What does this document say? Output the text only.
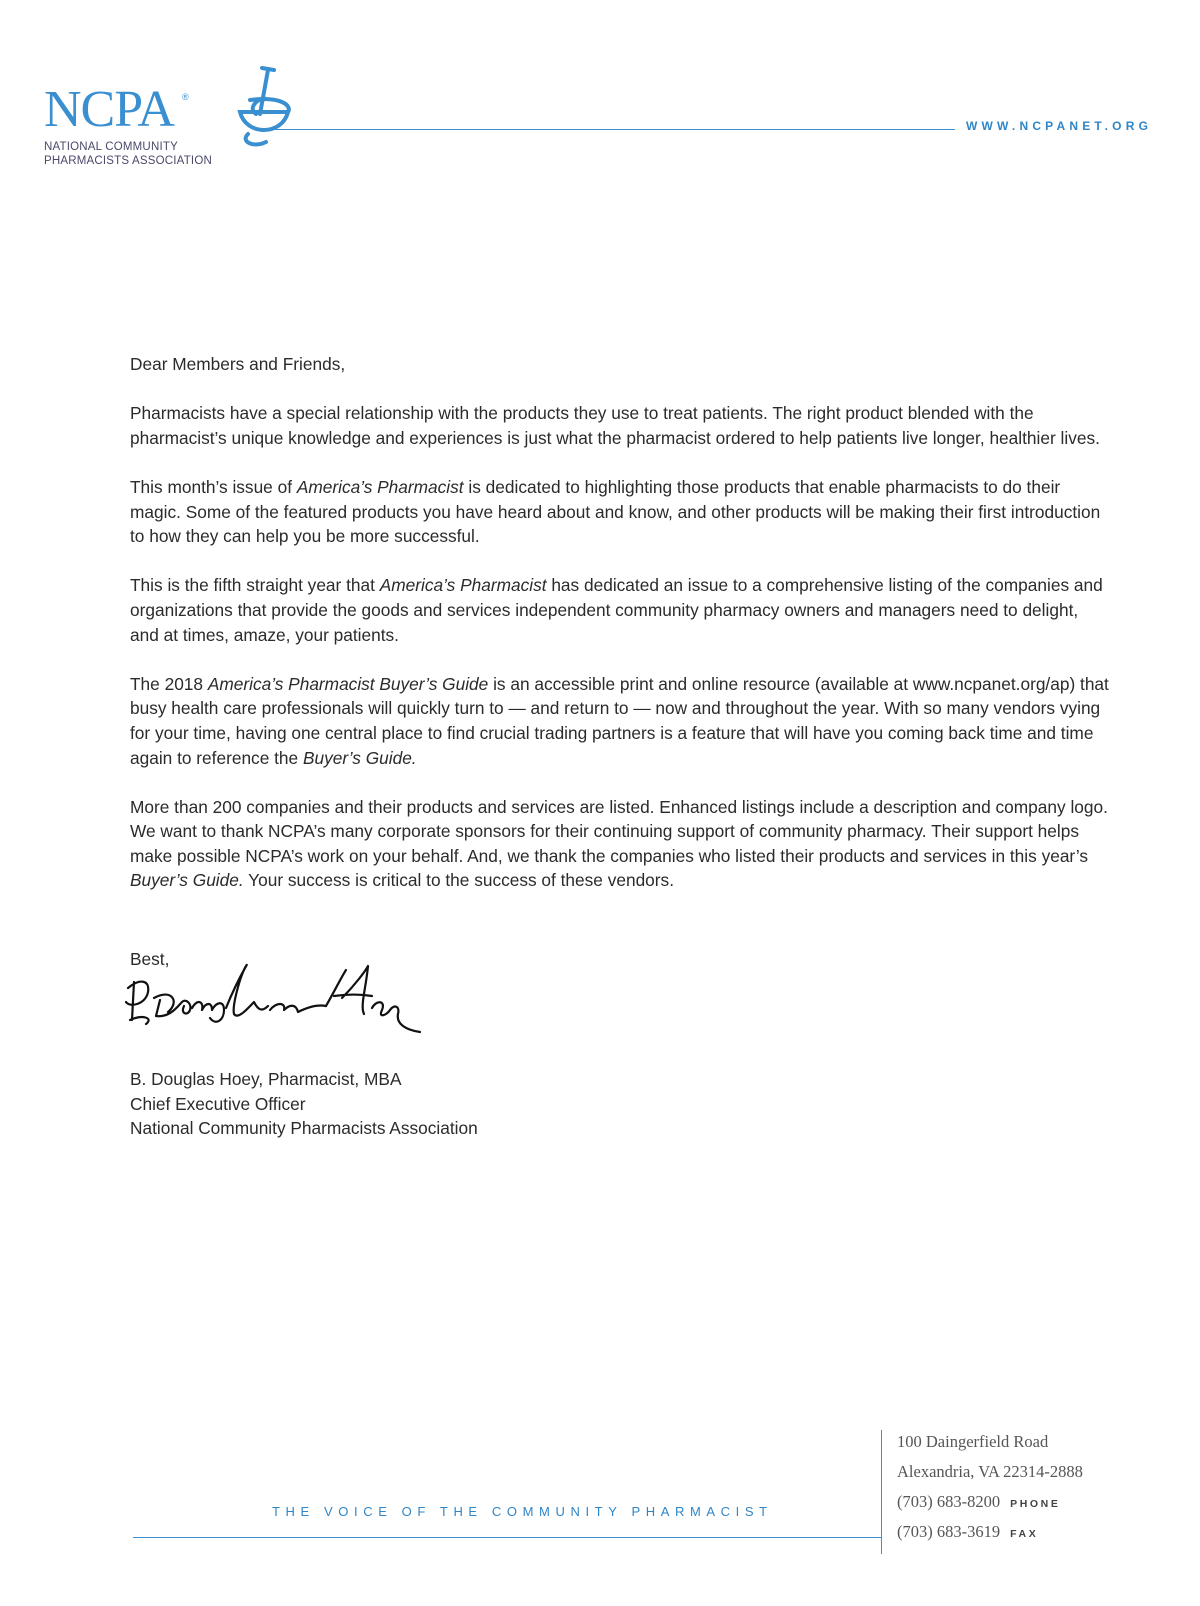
NCPA ®
NATIONAL COMMUNITY
PHARMACISTS ASSOCIATION
WWW.NCPANET.ORG

Dear Members and Friends,

Pharmacists have a special relationship with the products they use to treat patients. The right product blended with the pharmacist’s unique knowledge and experiences is just what the pharmacist ordered to help patients live longer, healthier lives.

This month’s issue of America’s Pharmacist is dedicated to highlighting those products that enable pharmacists to do their magic. Some of the featured products you have heard about and know, and other products will be making their first introduction to how they can help you be more successful.

This is the fifth straight year that America’s Pharmacist has dedicated an issue to a comprehensive listing of the companies and organizations that provide the goods and services independent community pharmacy owners and managers need to delight, and at times, amaze, your patients.

The 2018 America’s Pharmacist Buyer’s Guide is an accessible print and online resource (available at www.ncpanet.org/ap) that busy health care professionals will quickly turn to — and return to — now and throughout the year. With so many vendors vying for your time, having one central place to find crucial trading partners is a feature that will have you coming back time and time again to reference the Buyer’s Guide.

More than 200 companies and their products and services are listed. Enhanced listings include a description and company logo. We want to thank NCPA’s many corporate sponsors for their continuing support of community pharmacy. Their support helps make possible NCPA’s work on your behalf. And, we thank the companies who listed their products and services in this year’s Buyer’s Guide. Your success is critical to the success of these vendors.

Best,
B. Douglas Hoey, Pharmacist, MBA
Chief Executive Officer
National Community Pharmacists Association
THE VOICE OF THE COMMUNITY PHARMACIST
100 Daingerfield Road
Alexandria, VA 22314-2888
(703) 683-8200 PHONE
(703) 683-3619 FAX
